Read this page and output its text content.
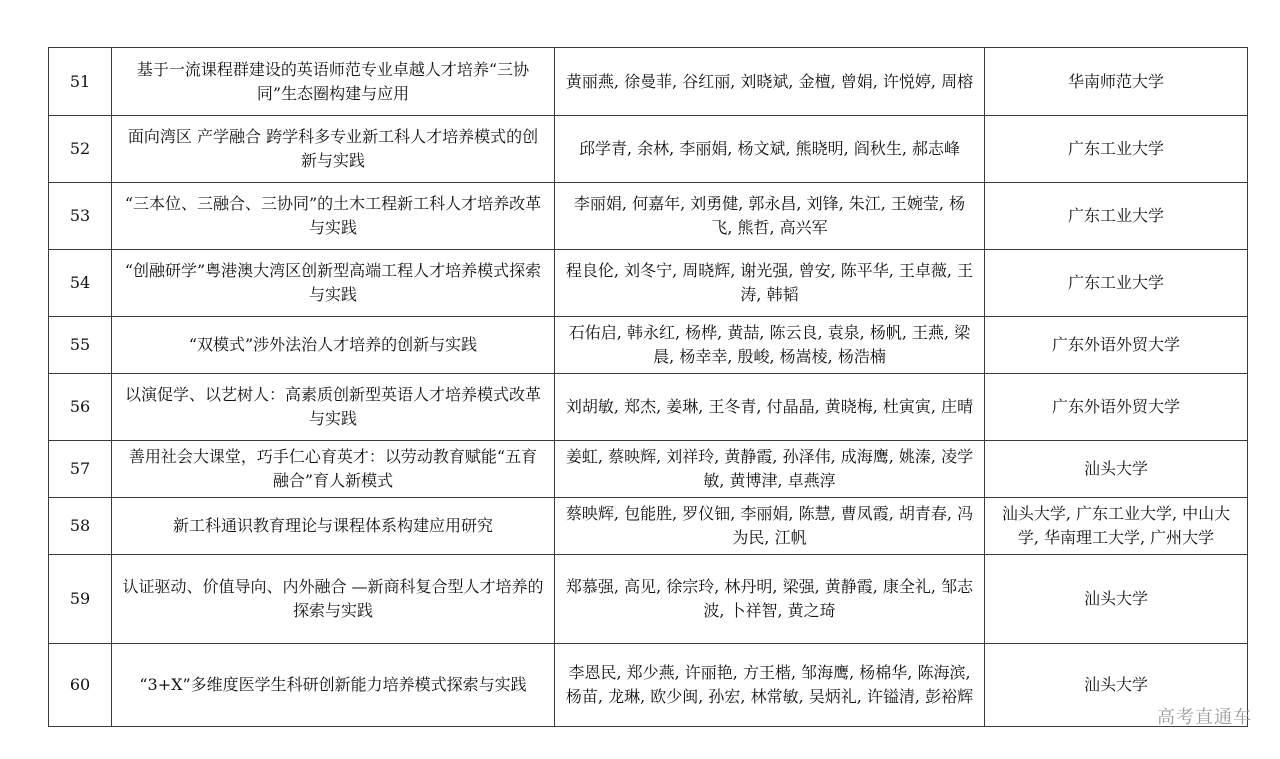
51	基于一流课程群建设的英语师范专业卓越人才培养“三协同”生态圈构建与应用	黄丽燕, 徐曼菲, 谷红丽, 刘晓斌, 金檀, 曾娟, 许悦婷, 周榕	华南师范大学
52	面向湾区 产学融合 跨学科多专业新工科人才培养模式的创新与实践	邱学青, 余林, 李丽娟, 杨文斌, 熊晓明, 阎秋生, 郝志峰	广东工业大学
53	“三本位、三融合、三协同”的土木工程新工科人才培养改革与实践	李丽娟, 何嘉年, 刘勇健, 郭永昌, 刘锋, 朱江, 王婉莹, 杨飞, 熊哲, 高兴军	广东工业大学
54	“创融研学”粤港澳大湾区创新型高端工程人才培养模式探索与实践	程良伦, 刘冬宁, 周晓辉, 谢光强, 曾安, 陈平华, 王卓薇, 王涛, 韩韬	广东工业大学
55	“双模式”涉外法治人才培养的创新与实践	石佑启, 韩永红, 杨桦, 黄喆, 陈云良, 袁泉, 杨帆, 王燕, 梁晨, 杨幸幸, 殷峻, 杨嵩棱, 杨浩楠	广东外语外贸大学
56	以演促学、以艺树人：高素质创新型英语人才培养模式改革与实践	刘胡敏, 郑杰, 姜琳, 王冬青, 付晶晶, 黄晓梅, 杜寅寅, 庄晴	广东外语外贸大学
57	善用社会大课堂，巧手仁心育英才：以劳动教育赋能“五育融合”育人新模式	姜虹, 蔡映辉, 刘祥玲, 黄静霞, 孙泽伟, 成海鹰, 姚溱, 凌学敏, 黄博津, 卓燕淳	汕头大学
58	新工科通识教育理论与课程体系构建应用研究	蔡映辉, 包能胜, 罗仪钿, 李丽娟, 陈慧, 曹凤霞, 胡青春, 冯为民, 江帆	汕头大学, 广东工业大学, 中山大学, 华南理工大学, 广州大学
59	认证驱动、价值导向、内外融合 —新商科复合型人才培养的探索与实践	郑慕强, 高见, 徐宗玲, 林丹明, 梁强, 黄静霞, 康全礼, 邹志波, 卜祥智, 黄之琦	汕头大学
60	“3+X”多维度医学生科研创新能力培养模式探索与实践	李恩民, 郑少燕, 许丽艳, 方王楷, 邹海鹰, 杨棉华, 陈海滨, 杨苗, 龙琳, 欧少闽, 孙宏, 林常敏, 吴炳礼, 许镒清, 彭裕辉	汕头大学
高考直通车
